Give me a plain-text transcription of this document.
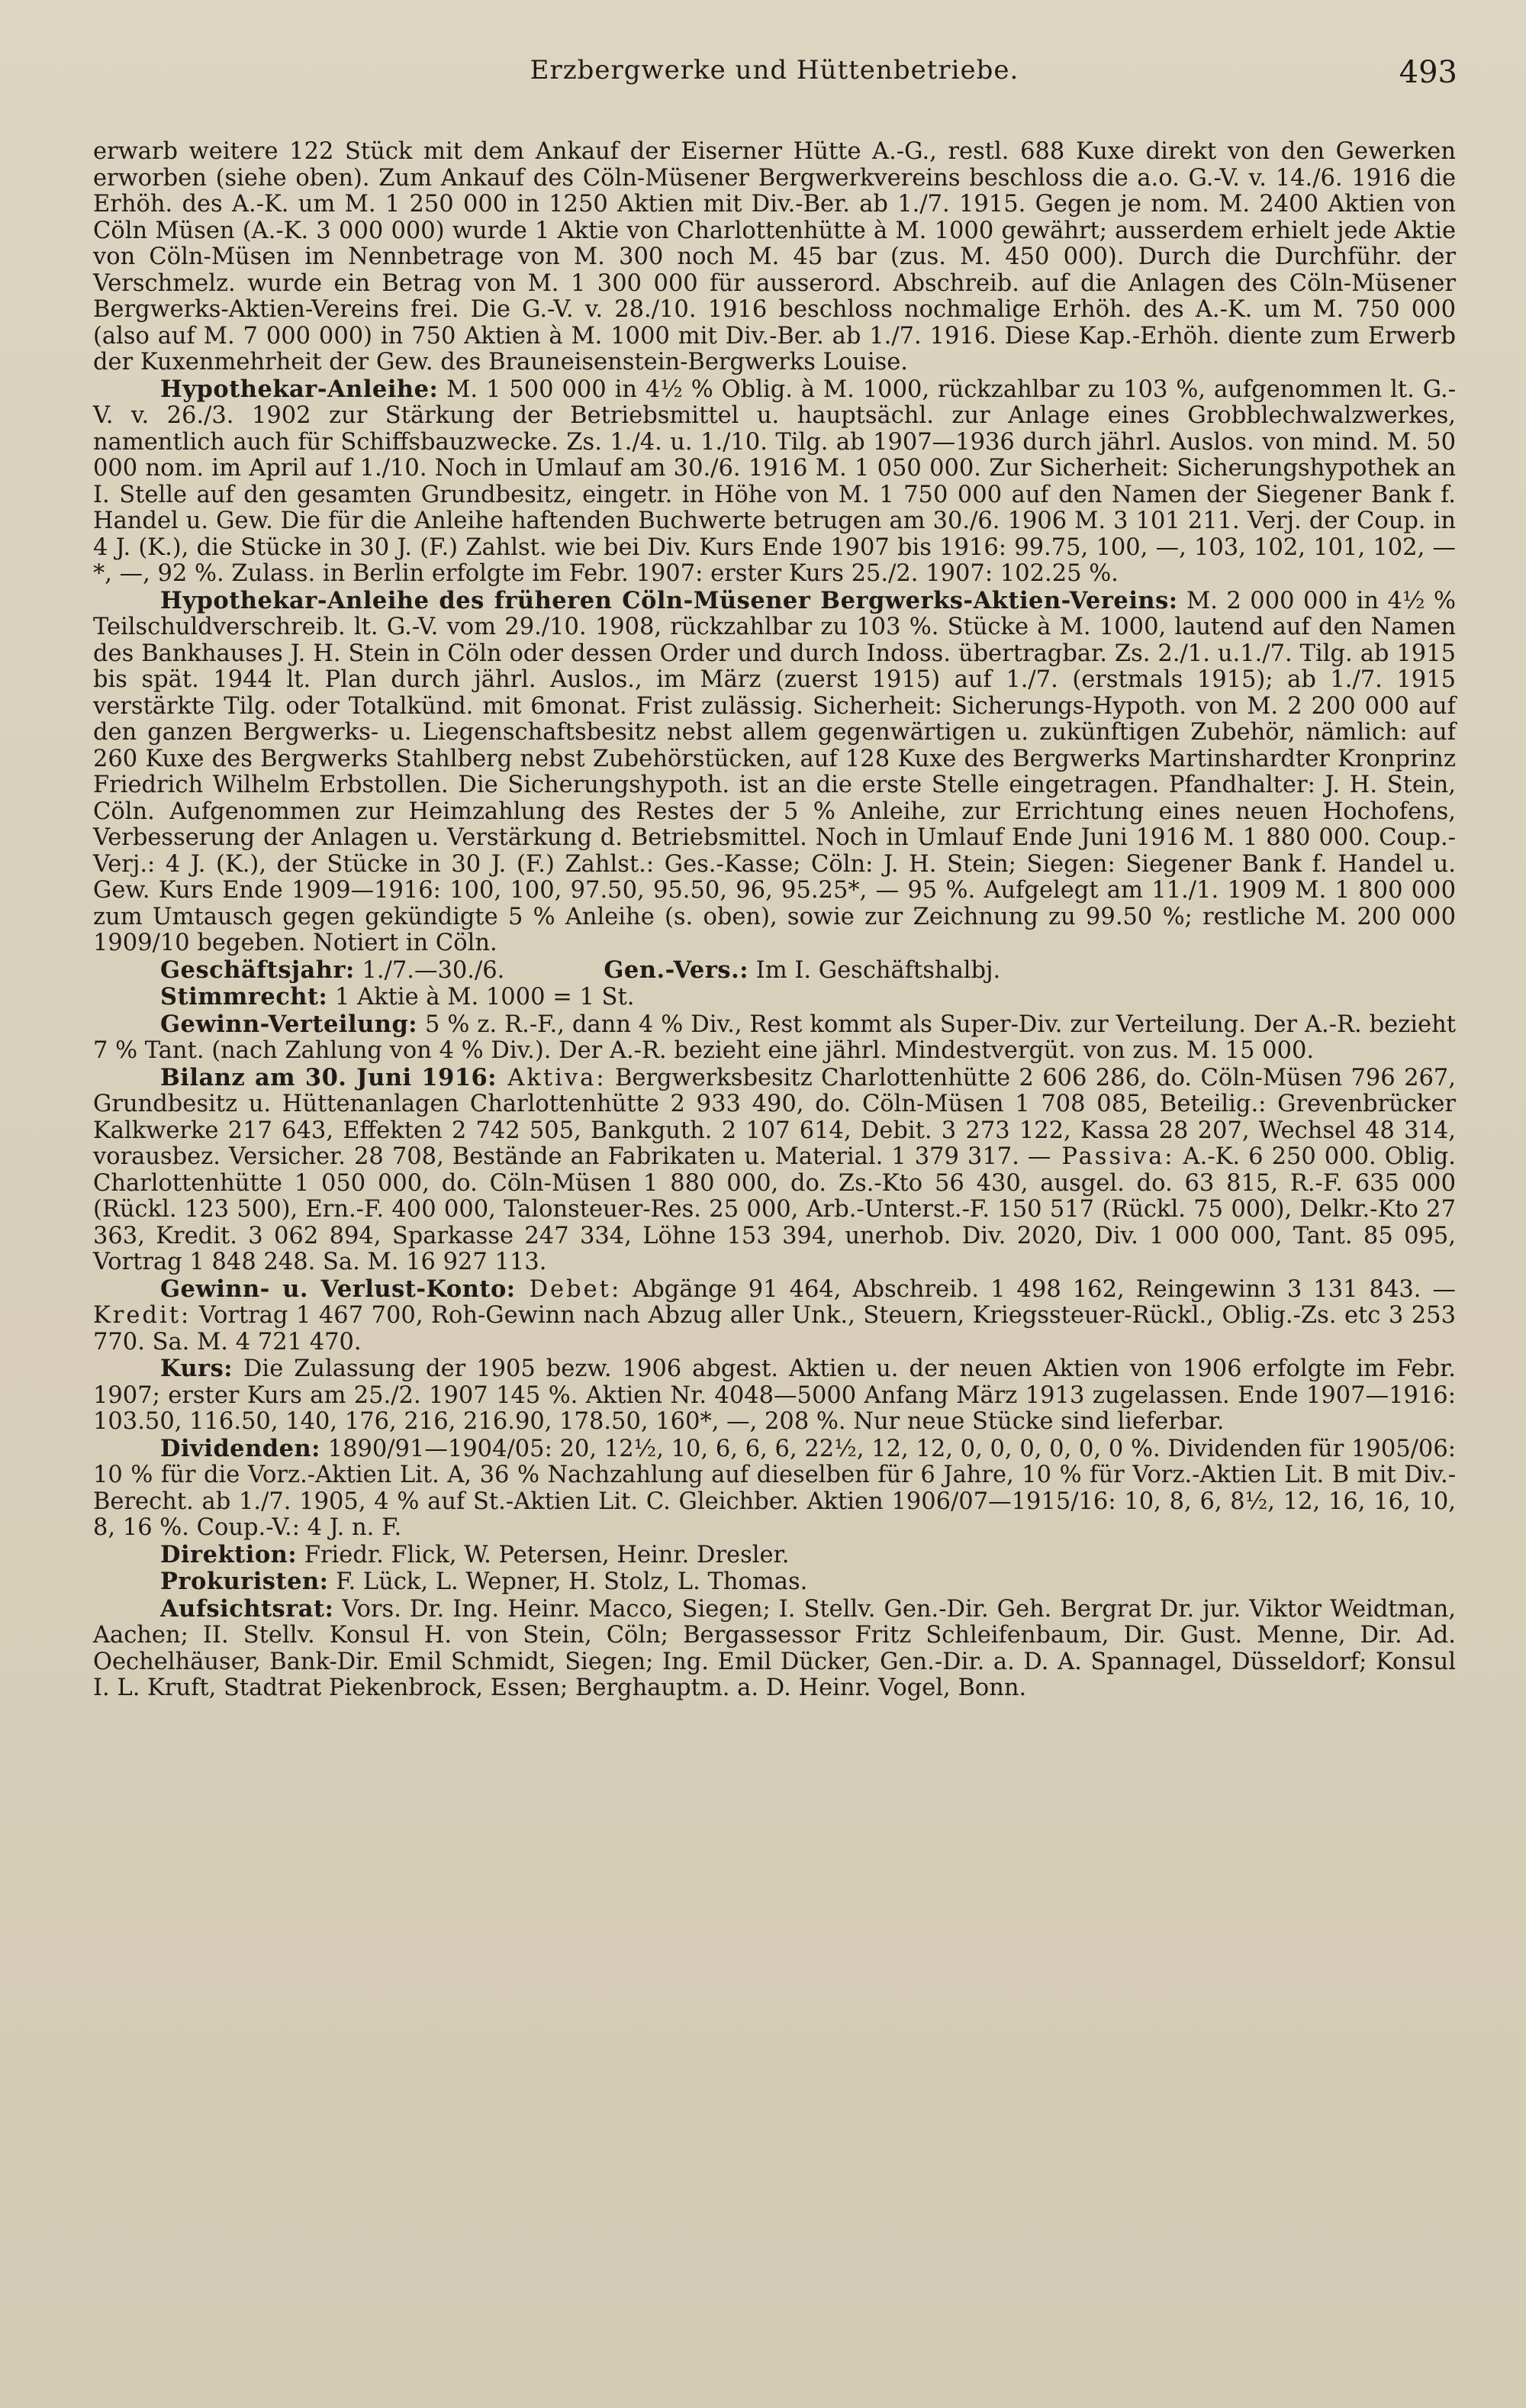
Erzbergwerke und Hüttenbetriebe.	493

erwarb weitere 122 Stück mit dem Ankauf der Eiserner Hütte A.-G., restl. 688 Kuxe direkt von den Gewerken erworben (siehe oben). Zum Ankauf des Cöln-Müsener Bergwerkvereins beschloss die a.o. G.-V. v. 14./6. 1916 die Erhöh. des A.-K. um M. 1 250 000 in 1250 Aktien mit Div.-Ber. ab 1./7. 1915. Gegen je nom. M. 2400 Aktien von Cöln Müsen (A.-K. 3 000 000) wurde 1 Aktie von Charlottenhütte à M. 1000 gewährt; ausserdem erhielt jede Aktie von Cöln-Müsen im Nennbetrage von M. 300 noch M. 45 bar (zus. M. 450 000). Durch die Durchführ. der Verschmelz. wurde ein Betrag von M. 1 300 000 für ausserord. Abschreib. auf die Anlagen des Cöln-Müsener Bergwerks-Aktien-Vereins frei. Die G.-V. v. 28./10. 1916 beschloss nochmalige Erhöh. des A.-K. um M. 750 000 (also auf M. 7 000 000) in 750 Aktien à M. 1000 mit Div.-Ber. ab 1./7. 1916. Diese Kap.-Erhöh. diente zum Erwerb der Kuxenmehrheit der Gew. des Brauneisenstein-Bergwerks Louise.

Hypothekar-Anleihe: M. 1 500 000 in 4½ % Oblig. à M. 1000, rückzahlbar zu 103 %, aufgenommen lt. G.-V. v. 26./3. 1902 zur Stärkung der Betriebsmittel u. hauptsächl. zur Anlage eines Grobblechwalzwerkes, namentlich auch für Schiffsbauzwecke. Zs. 1./4. u. 1./10. Tilg. ab 1907—1936 durch jährl. Auslos. von mind. M. 50 000 nom. im April auf 1./10. Noch in Umlauf am 30./6. 1916 M. 1 050 000. Zur Sicherheit: Sicherungshypothek an I. Stelle auf den gesamten Grundbesitz, eingetr. in Höhe von M. 1 750 000 auf den Namen der Siegener Bank f. Handel u. Gew. Die für die Anleihe haftenden Buchwerte betrugen am 30./6. 1906 M. 3 101 211. Verj. der Coup. in 4 J. (K.), die Stücke in 30 J. (F.) Zahlst. wie bei Div. Kurs Ende 1907 bis 1916: 99.75, 100, —, 103, 102, 101, 102, —*, —, 92 %. Zulass. in Berlin erfolgte im Febr. 1907: erster Kurs 25./2. 1907: 102.25 %.

Hypothekar-Anleihe des früheren Cöln-Müsener Bergwerks-Aktien-Vereins: M. 2 000 000 in 4½ % Teilschuldverschreib. lt. G.-V. vom 29./10. 1908, rückzahlbar zu 103 %. Stücke à M. 1000, lautend auf den Namen des Bankhauses J. H. Stein in Cöln oder dessen Order und durch Indoss. übertragbar. Zs. 2./1. u.1./7. Tilg. ab 1915 bis spät. 1944 lt. Plan durch jährl. Auslos., im März (zuerst 1915) auf 1./7. (erstmals 1915); ab 1./7. 1915 verstärkte Tilg. oder Totalkünd. mit 6monat. Frist zulässig. Sicherheit: Sicherungs-Hypoth. von M. 2 200 000 auf den ganzen Bergwerks- u. Liegenschaftsbesitz nebst allem gegenwärtigen u. zukünftigen Zubehör, nämlich: auf 260 Kuxe des Bergwerks Stahlberg nebst Zubehörstücken, auf 128 Kuxe des Bergwerks Martinshardter Kronprinz Friedrich Wilhelm Erbstollen. Die Sicherungshypoth. ist an die erste Stelle eingetragen. Pfandhalter: J. H. Stein, Cöln. Aufgenommen zur Heimzahlung des Restes der 5 % Anleihe, zur Errichtung eines neuen Hochofens, Verbesserung der Anlagen u. Verstärkung d. Betriebsmittel. Noch in Umlauf Ende Juni 1916 M. 1 880 000. Coup.-Verj.: 4 J. (K.), der Stücke in 30 J. (F.) Zahlst.: Ges.-Kasse; Cöln: J. H. Stein; Siegen: Siegener Bank f. Handel u. Gew. Kurs Ende 1909—1916: 100, 100, 97.50, 95.50, 96, 95.25*, — 95 %. Aufgelegt am 11./1. 1909 M. 1 800 000 zum Umtausch gegen gekündigte 5 % Anleihe (s. oben), sowie zur Zeichnung zu 99.50 %; restliche M. 200 000 1909/10 begeben. Notiert in Cöln.

Geschäftsjahr: 1./7.—30./6.	Gen.-Vers.: Im I. Geschäftshalbj.

Stimmrecht: 1 Aktie à M. 1000 = 1 St.

Gewinn-Verteilung: 5 % z. R.-F., dann 4 % Div., Rest kommt als Super-Div. zur Verteilung. Der A.-R. bezieht 7 % Tant. (nach Zahlung von 4 % Div.). Der A.-R. bezieht eine jährl. Mindestvergüt. von zus. M. 15 000.

Bilanz am 30. Juni 1916: Aktiva: Bergwerksbesitz Charlottenhütte 2 606 286, do. Cöln-Müsen 796 267, Grundbesitz u. Hüttenanlagen Charlottenhütte 2 933 490, do. Cöln-Müsen 1 708 085, Beteilig.: Grevenbrücker Kalkwerke 217 643, Effekten 2 742 505, Bankguth. 2 107 614, Debit. 3 273 122, Kassa 28 207, Wechsel 48 314, vorausbez. Versicher. 28 708, Bestände an Fabrikaten u. Material. 1 379 317. — Passiva: A.-K. 6 250 000. Oblig. Charlottenhütte 1 050 000, do. Cöln-Müsen 1 880 000, do. Zs.-Kto 56 430, ausgel. do. 63 815, R.-F. 635 000 (Rückl. 123 500), Ern.-F. 400 000, Talonsteuer-Res. 25 000, Arb.-Unterst.-F. 150 517 (Rückl. 75 000), Delkr.-Kto 27 363, Kredit. 3 062 894, Sparkasse 247 334, Löhne 153 394, unerhob. Div. 2020, Div. 1 000 000, Tant. 85 095, Vortrag 1 848 248. Sa. M. 16 927 113.

Gewinn- u. Verlust-Konto: Debet: Abgänge 91 464, Abschreib. 1 498 162, Reingewinn 3 131 843. — Kredit: Vortrag 1 467 700, Roh-Gewinn nach Abzug aller Unk., Steuern, Kriegssteuer-Rückl., Oblig.-Zs. etc 3 253 770. Sa. M. 4 721 470.

Kurs: Die Zulassung der 1905 bezw. 1906 abgest. Aktien u. der neuen Aktien von 1906 erfolgte im Febr. 1907; erster Kurs am 25./2. 1907 145 %. Aktien Nr. 4048—5000 Anfang März 1913 zugelassen. Ende 1907—1916: 103.50, 116.50, 140, 176, 216, 216.90, 178.50, 160*, —, 208 %. Nur neue Stücke sind lieferbar.

Dividenden: 1890/91—1904/05: 20, 12½, 10, 6, 6, 6, 22½, 12, 12, 0, 0, 0, 0, 0, 0 %. Dividenden für 1905/06: 10 % für die Vorz.-Aktien Lit. A, 36 % Nachzahlung auf dieselben für 6 Jahre, 10 % für Vorz.-Aktien Lit. B mit Div.-Berecht. ab 1./7. 1905, 4 % auf St.-Aktien Lit. C. Gleichber. Aktien 1906/07—1915/16: 10, 8, 6, 8½, 12, 16, 16, 10, 8, 16 %. Coup.-V.: 4 J. n. F.

Direktion: Friedr. Flick, W. Petersen, Heinr. Dresler.

Prokuristen: F. Lück, L. Wepner, H. Stolz, L. Thomas.

Aufsichtsrat: Vors. Dr. Ing. Heinr. Macco, Siegen; I. Stellv. Gen.-Dir. Geh. Bergrat Dr. jur. Viktor Weidtman, Aachen; II. Stellv. Konsul H. von Stein, Cöln; Bergassessor Fritz Schleifenbaum, Dir. Gust. Menne, Dir. Ad. Oechelhäuser, Bank-Dir. Emil Schmidt, Siegen; Ing. Emil Dücker, Gen.-Dir. a. D. A. Spannagel, Düsseldorf; Konsul I. L. Kruft, Stadtrat Piekenbrock, Essen; Berghauptm. a. D. Heinr. Vogel, Bonn.
